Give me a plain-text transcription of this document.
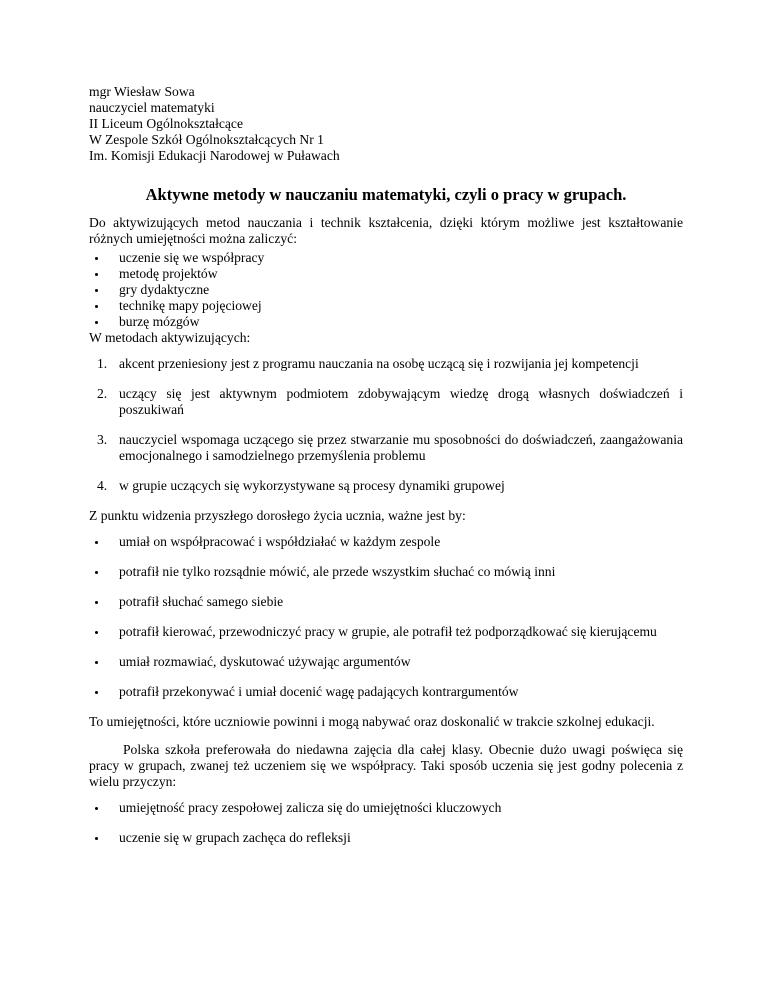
mgr Wiesław Sowa
nauczyciel matematyki
II Liceum Ogólnokształcące
W Zespole Szkół Ogólnokształcących Nr 1
Im. Komisji Edukacji Narodowej w Puławach
Aktywne metody w nauczaniu matematyki, czyli o pracy w grupach.

Do aktywizujących metod nauczania i technik kształcenia, dzięki którym możliwe jest kształtowanie różnych umiejętności można zaliczyć:

uczenie się we współpracy
metodę projektów
gry dydaktyczne
technikę mapy pojęciowej
burzę mózgów

W metodach aktywizujących:

1. akcent przeniesiony jest z programu nauczania na osobę uczącą się i rozwijania jej kompetencji
2. uczący się jest aktywnym podmiotem zdobywającym wiedzę drogą własnych doświadczeń i poszukiwań
3. nauczyciel wspomaga uczącego się przez stwarzanie mu sposobności do doświadczeń, zaangażowania emocjonalnego i samodzielnego przemyślenia problemu
4. w grupie uczących się wykorzystywane są procesy dynamiki grupowej

Z punktu widzenia przyszłego dorosłego życia ucznia, ważne jest by:

umiał on współpracować i współdziałać w każdym zespole
potrafił nie tylko rozsądnie mówić, ale przede wszystkim słuchać co mówią inni
potrafił słuchać samego siebie
potrafił kierować, przewodniczyć pracy w grupie, ale potrafił też podporządkować się kierującemu
umiał rozmawiać, dyskutować używając argumentów
potrafił przekonywać i umiał docenić wagę padających kontrargumentów

To umiejętności, które uczniowie powinni i mogą nabywać oraz doskonalić w trakcie szkolnej edukacji.

Polska szkoła preferowała do niedawna zajęcia dla całej klasy. Obecnie dużo uwagi poświęca się pracy w grupach, zwanej też uczeniem się we współpracy. Taki sposób uczenia się jest godny polecenia z wielu przyczyn:

umiejętność pracy zespołowej zalicza się do umiejętności kluczowych
uczenie się w grupach zachęca do refleksji
